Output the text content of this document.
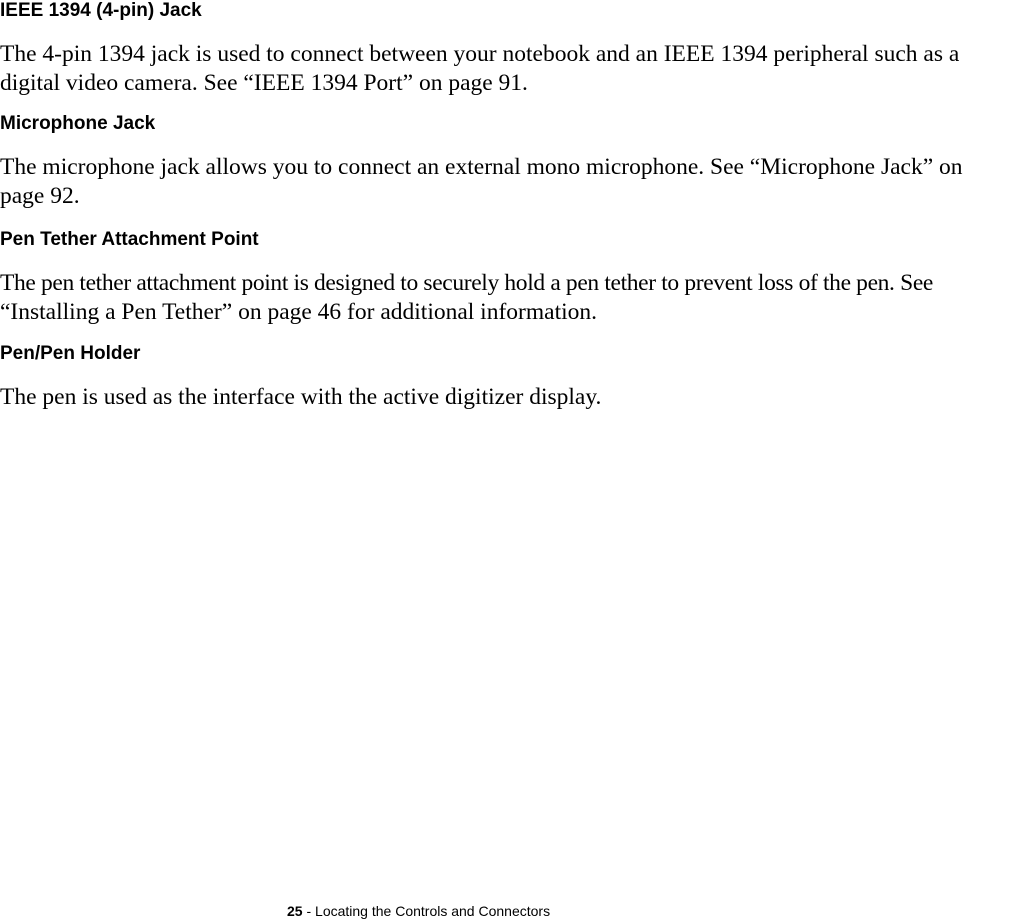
IEEE 1394 (4-pin) Jack

The 4-pin 1394 jack is used to connect between your notebook and an IEEE 1394 peripheral such as a

digital video camera. See “IEEE 1394 Port” on page 91.

Microphone Jack

The microphone jack allows you to connect an external mono microphone. See “Microphone Jack” on

page 92.

Pen Tether Attachment Point

The pen tether attachment point is designed to securely hold a pen tether to prevent loss of the pen. See

“Installing a Pen Tether” on page 46 for additional information.

Pen/Pen Holder

The pen is used as the interface with the active digitizer display.

25 - Locating the Controls and Connectors
